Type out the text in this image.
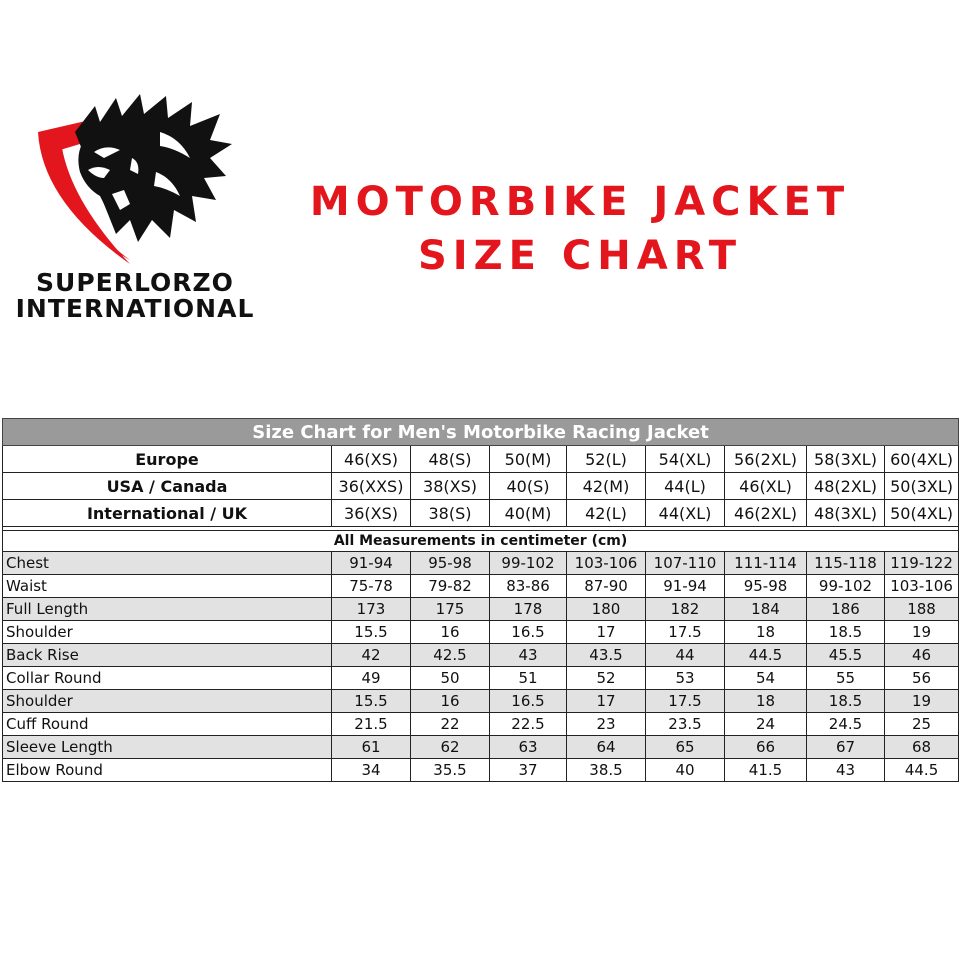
SUPERLORZO
INTERNATIONAL
MOTORBIKE JACKET
SIZE CHART
Size Chart for Men's Motorbike Racing Jacket								
Europe	46(XS)	48(S)	50(M)	52(L)	54(XL)	56(2XL)	58(3XL)	60(4XL)
USA / Canada	36(XXS)	38(XS)	40(S)	42(M)	44(L)	46(XL)	48(2XL)	50(3XL)
International / UK	36(XS)	38(S)	40(M)	42(L)	44(XL)	46(2XL)	48(3XL)	50(4XL)

All Measurements in centimeter (cm)								
Chest	91-94	95-98	99-102	103-106	107-110	111-114	115-118	119-122
Waist	75-78	79-82	83-86	87-90	91-94	95-98	99-102	103-106
Full Length	173	175	178	180	182	184	186	188
Shoulder	15.5	16	16.5	17	17.5	18	18.5	19
Back Rise	42	42.5	43	43.5	44	44.5	45.5	46
Collar Round	49	50	51	52	53	54	55	56
Shoulder	15.5	16	16.5	17	17.5	18	18.5	19
Cuff Round	21.5	22	22.5	23	23.5	24	24.5	25
Sleeve Length	61	62	63	64	65	66	67	68
Elbow Round	34	35.5	37	38.5	40	41.5	43	44.5
